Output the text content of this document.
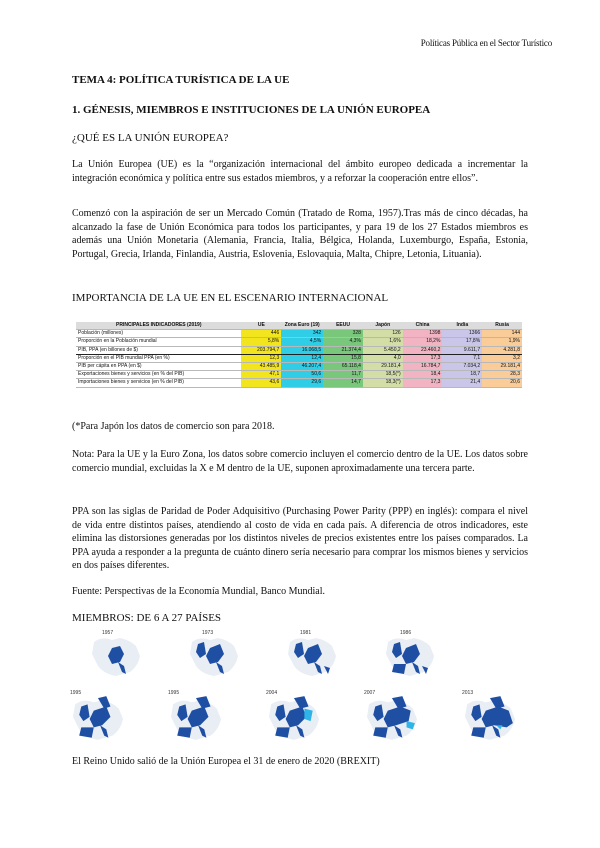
Políticas Pública en el Sector Turístico
TEMA 4: POLÍTICA TURÍSTICA DE LA UE
1. GÉNESIS, MIEMBROS E INSTITUCIONES DE LA UNIÓN EUROPEA
¿QUÉ ES LA UNIÓN EUROPEA?
La Unión Europea (UE) es la “organización internacional del ámbito europeo dedicada a incrementar la integración económica y política entre sus estados miembros, y a reforzar la cooperación entre ellos”.
Comenzó con la aspiración de ser un Mercado Común (Tratado de Roma, 1957).Tras más de cinco décadas, ha alcanzado la fase de Unión Económica para todos los participantes, y para 19 de los 27 Estados miembros es además una Unión Monetaria (Alemania, Francia, Italia, Bélgica, Holanda, Luxemburgo, España, Estonia, Portugal, Grecia, Irlanda, Finlandia, Austria, Eslovenia, Eslovaquia, Malta, Chipre, Letonia, Lituania).
IMPORTANCIA DE LA UE EN EL ESCENARIO INTERNACIONAL
PRINCIPALES INDICADORES (2019)	UE	Zona Euro (19)	EEUU	Japón	China	India	Rusia
Población (millones)	446	342	328	126	1398	1366	144
Proporción en la Población mundial	5,8%	4,5%	4,3%	1,6%	18,2%	17,8%	1,9%
PIB, PPA (en billones de $)	203.794,7	16.068,5	21.374,4	5.450,2	23.460,2	9.611,7	4.281,8
Proporción en el PIB mundial PPA (en %)	12,3	12,4	15,8	4,0	17,3	7,1	3,2
PIB per cápita en PPA (en $)	43.485,9	46.207,4	65.118,4	29.181,4	16.784,7	7.034,2	29.181,4
Exportaciones bienes y servicios (en % del PIB)	47,1	50,6	11,7	18,5(*)	18,4	18,7	28,3
Importaciones bienes y servicios (en % del PIB)	43,6	29,6	14,7	18,3(*)	17,3	21,4	20,6
(*Para Japón los datos de comercio son para 2018.
Nota: Para la UE y la Euro Zona, los datos sobre comercio incluyen el comercio dentro de la UE. Los datos sobre comercio mundial, excluidas la X e M dentro de la UE, suponen aproximadamente una tercera parte.
PPA son las siglas de Paridad de Poder Adquisitivo (Purchasing Power Parity (PPP) en inglés): compara el nivel de vida entre distintos países, atendiendo al costo de vida en cada país. A diferencia de otros indicadores, este elimina las distorsiones generadas por los distintos niveles de precios existentes entre los países comparados. La PPA ayuda a responder a la pregunta de cuánto dinero sería necesario para comprar los mismos bienes y servicios en dos países diferentes.
Fuente: Perspectivas de la Economía Mundial, Banco Mundial.
MIEMBROS: DE 6 A 27 PAÍSES
1957	1973	1981	1986
1995	1995	2004	2007	2013
El Reino Unido salió de la Unión Europea el 31 de enero de 2020 (BREXIT)
